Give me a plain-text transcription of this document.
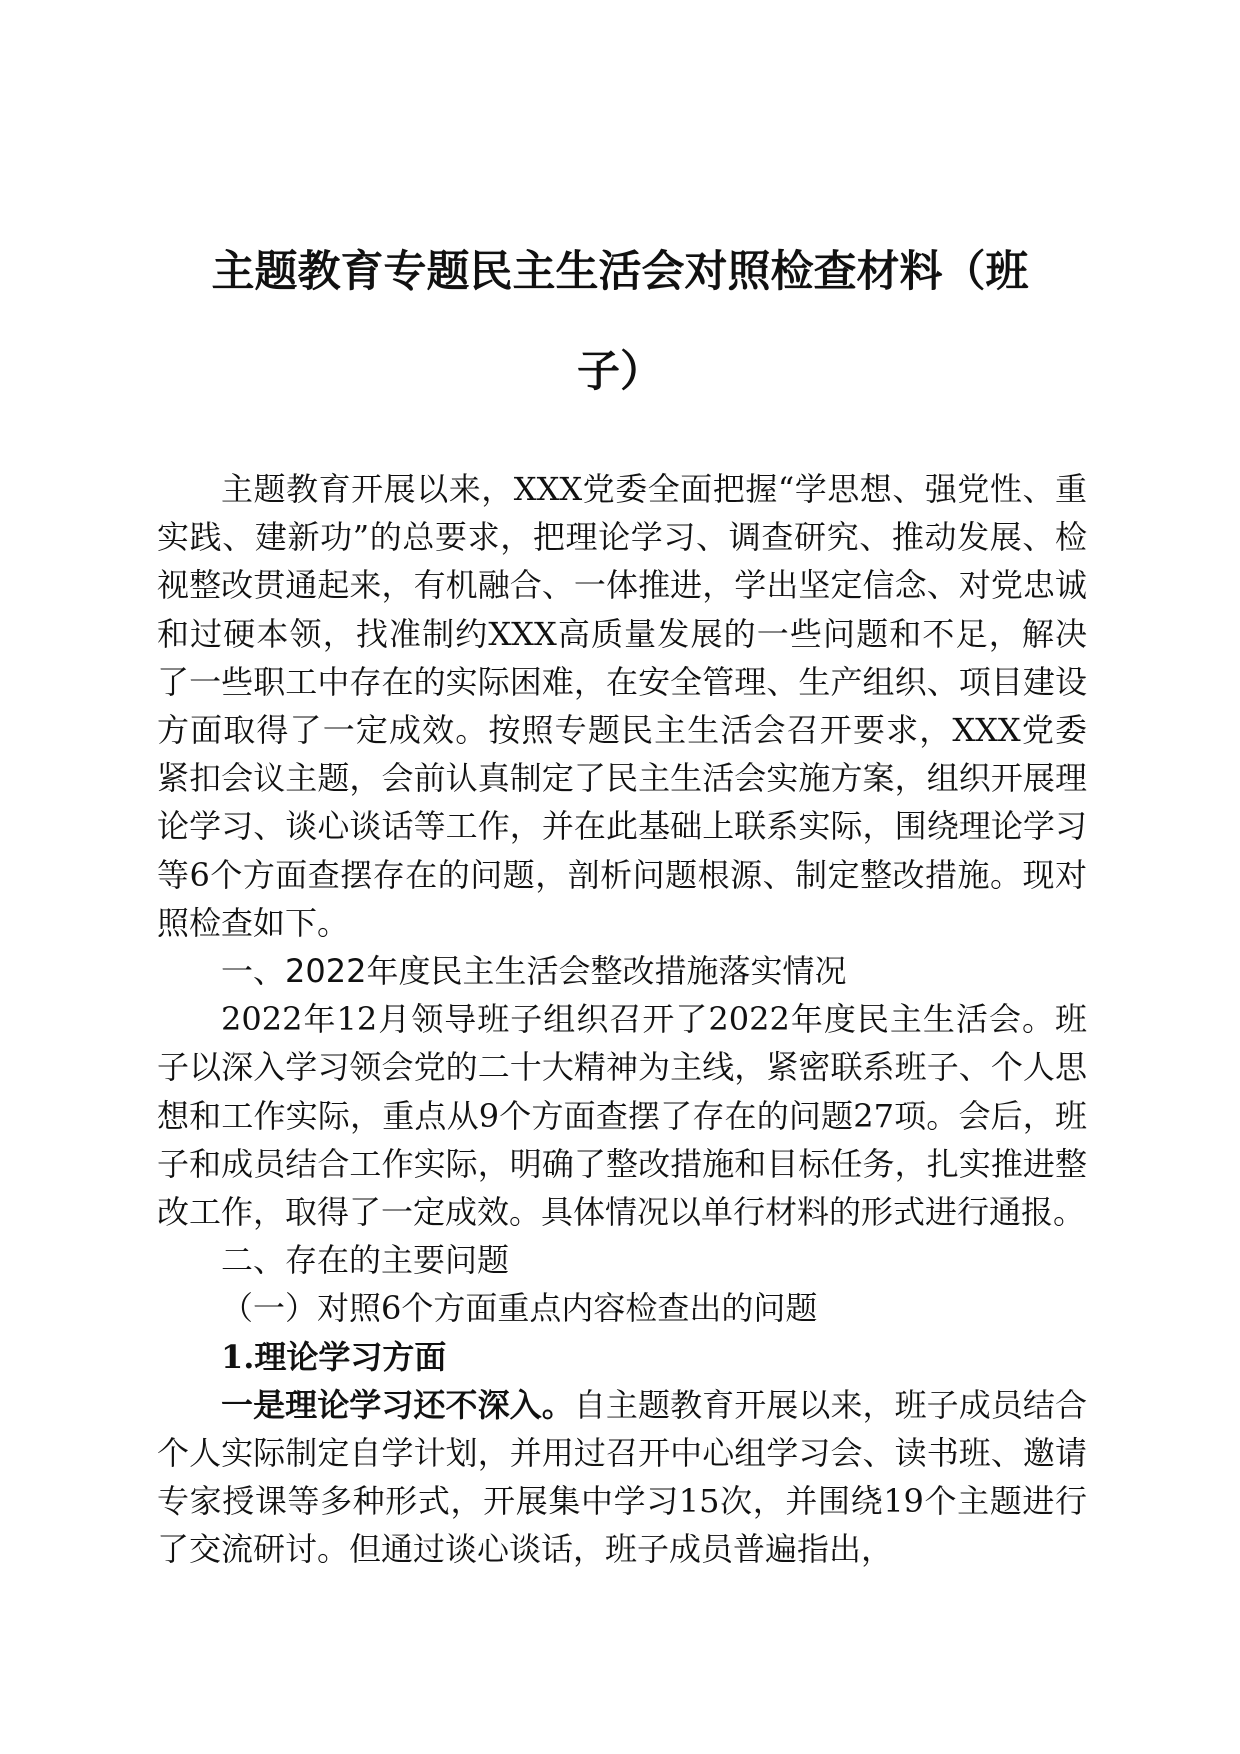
主题教育专题民主生活会对照检查材料（班
子）

主题教育开展以来，XXX党委全面把握“学思想、强党性、重实践、建新功”的总要求，把理论学习、调查研究、推动发展、检视整改贯通起来，有机融合、一体推进，学出坚定信念、对党忠诚和过硬本领，找准制约XXX高质量发展的一些问题和不足，解决了一些职工中存在的实际困难，在安全管理、生产组织、项目建设方面取得了一定成效。按照专题民主生活会召开要求，XXX党委紧扣会议主题，会前认真制定了民主生活会实施方案，组织开展理论学习、谈心谈话等工作，并在此基础上联系实际，围绕理论学习等6个方面查摆存在的问题，剖析问题根源、制定整改措施。现对照检查如下。

一、2022年度民主生活会整改措施落实情况

2022年12月领导班子组织召开了2022年度民主生活会。班子以深入学习领会党的二十大精神为主线，紧密联系班子、个人思想和工作实际，重点从9个方面查摆了存在的问题27项。会后，班子和成员结合工作实际，明确了整改措施和目标任务，扎实推进整改工作，取得了一定成效。具体情况以单行材料的形式进行通报。

二、存在的主要问题

（一）对照6个方面重点内容检查出的问题

1.理论学习方面

一是理论学习还不深入。自主题教育开展以来，班子成员结合个人实际制定自学计划，并用过召开中心组学习会、读书班、邀请专家授课等多种形式，开展集中学习15次，并围绕19个主题进行了交流研讨。但通过谈心谈话，班子成员普遍指出，
